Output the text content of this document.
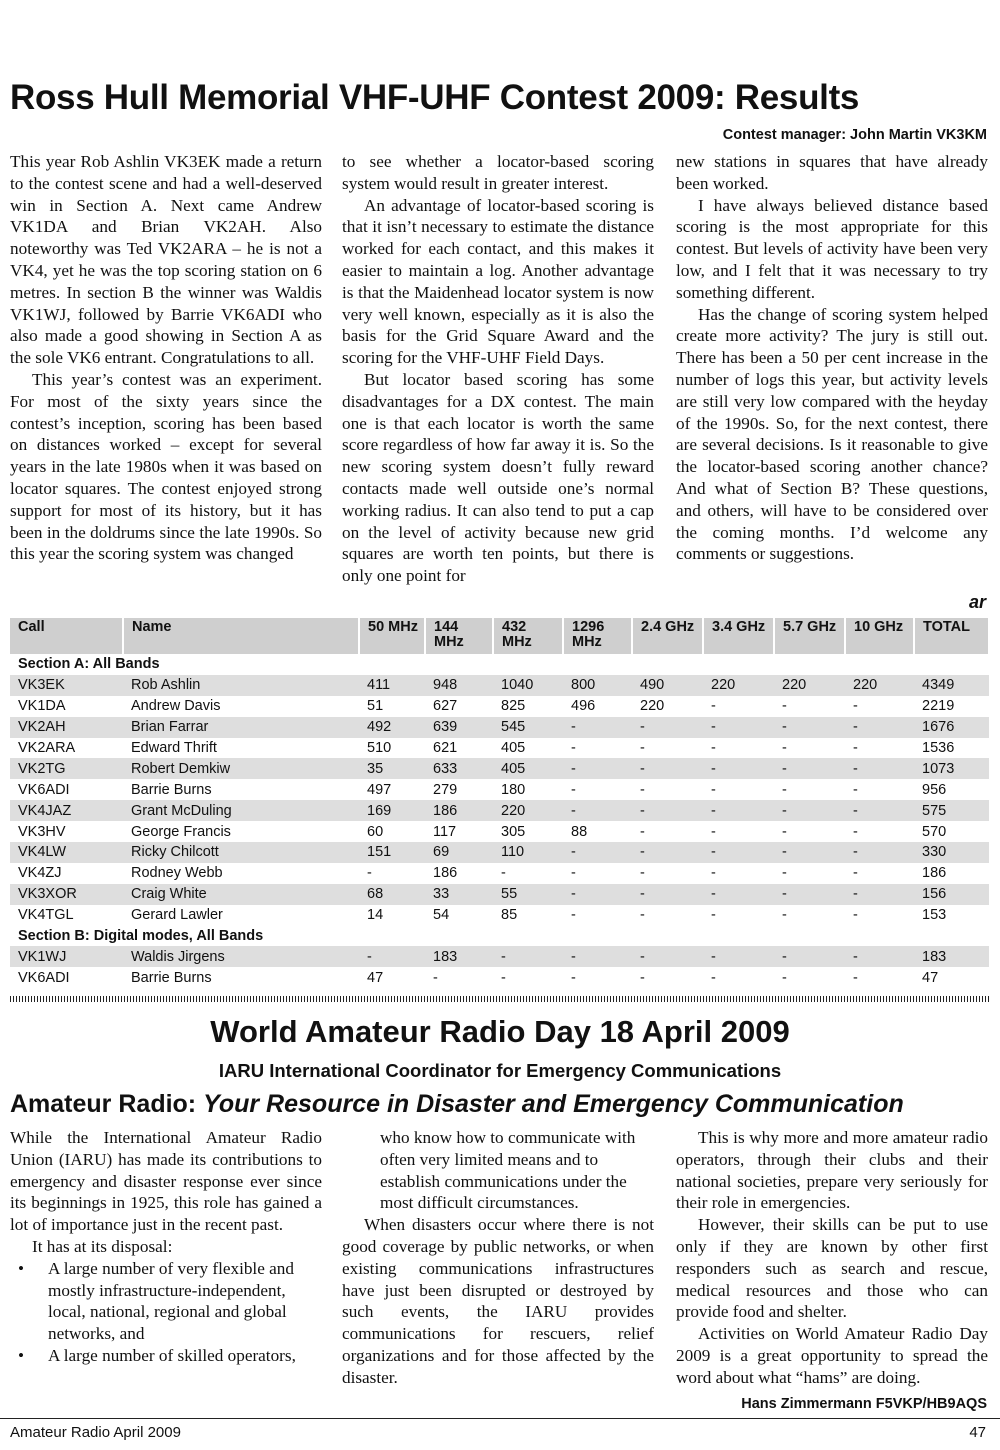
Ross Hull Memorial VHF-UHF Contest 2009: Results
Contest manager: John Martin VK3KM

This year Rob Ashlin VK3EK made a return to the contest scene and had a well-deserved win in Section A. Next came Andrew VK1DA and Brian VK2AH. Also noteworthy was Ted VK2ARA – he is not a VK4, yet he was the top scoring station on 6 metres. In section B the winner was Waldis VK1WJ, followed by Barrie VK6ADI who also made a good showing in Section A as the sole VK6 entrant. Congratulations to all.

This year’s contest was an experiment. For most of the sixty years since the contest’s inception, scoring has been based on distances worked – except for several years in the late 1980s when it was based on locator squares. The contest enjoyed strong support for most of its history, but it has been in the doldrums since the late 1990s. So this year the scoring system was changed

to see whether a locator-based scoring system would result in greater interest.

An advantage of locator-based scoring is that it isn’t necessary to estimate the distance worked for each contact, and this makes it easier to maintain a log. Another advantage is that the Maidenhead locator system is now very well known, especially as it is also the basis for the Grid Square Award and the scoring for the VHF-UHF Field Days.

But locator based scoring has some disadvantages for a DX contest. The main one is that each locator is worth the same score regardless of how far away it is. So the new scoring system doesn’t fully reward contacts made well outside one’s normal working radius. It can also tend to put a cap on the level of activity because new grid squares are worth ten points, but there is only one point for

new stations in squares that have already been worked.

I have always believed distance based scoring is the most appropriate for this contest. But levels of activity have been very low, and I felt that it was necessary to try something different.

Has the change of scoring system helped create more activity? The jury is still out. There has been a 50 per cent increase in the number of logs this year, but activity levels are still very low compared with the heyday of the 1990s. So, for the next contest, there are several decisions. Is it reasonable to give the locator-based scoring another chance? And what of Section B? These questions, and others, will have to be considered over the coming months. I’d welcome any comments or suggestions.

ar
Call	Name	50 MHz	144 MHz	432 MHz	1296 MHz	2.4 GHz	3.4 GHz	5.7 GHz	10 GHz	TOTAL
Section A: All Bands										
VK3EK	Rob Ashlin	411	948	1040	800	490	220	220	220	4349
VK1DA	Andrew Davis	51	627	825	496	220	-	-	-	2219
VK2AH	Brian Farrar	492	639	545	-	-	-	-	-	1676
VK2ARA	Edward Thrift	510	621	405	-	-	-	-	-	1536
VK2TG	Robert Demkiw	35	633	405	-	-	-	-	-	1073
VK6ADI	Barrie Burns	497	279	180	-	-	-	-	-	956
VK4JAZ	Grant McDuling	169	186	220	-	-	-	-	-	575
VK3HV	George Francis	60	117	305	88	-	-	-	-	570
VK4LW	Ricky Chilcott	151	69	110	-	-	-	-	-	330
VK4ZJ	Rodney Webb	-	186	-	-	-	-	-	-	186
VK3XOR	Craig White	68	33	55	-	-	-	-	-	156
VK4TGL	Gerard Lawler	14	54	85	-	-	-	-	-	153
Section B: Digital modes, All Bands										
VK1WJ	Waldis Jirgens	-	183	-	-	-	-	-	-	183
VK6ADI	Barrie Burns	47	-	-	-	-	-	-	-	47
World Amateur Radio Day 18 April 2009
IARU International Coordinator for Emergency Communications
Amateur Radio: Your Resource in Disaster and Emergency Communication

While the International Amateur Radio Union (IARU) has made its contributions to emergency and disaster response ever since its beginnings in 1925, this role has gained a lot of importance just in the recent past.

It has at its disposal:

• A large number of very flexible and mostly infrastructure-independent, local, national, regional and global networks, and
• A large number of skilled operators,

who know how to communicate with often very limited means and to establish communications under the most difficult circumstances.

When disasters occur where there is not good coverage by public networks, or when existing communications infrastructures have just been disrupted or destroyed by such events, the IARU provides communications for rescuers, relief organizations and for those affected by the disaster.

This is why more and more amateur radio operators, through their clubs and their national societies, prepare very seriously for their role in emergencies.

However, their skills can be put to use only if they are known by other first responders such as search and rescue, medical resources and those who can provide food and shelter.

Activities on World Amateur Radio Day 2009 is a great opportunity to spread the word about what “hams” are doing.

Hans Zimmermann F5VKP/HB9AQS
Amateur Radio April 2009	47
